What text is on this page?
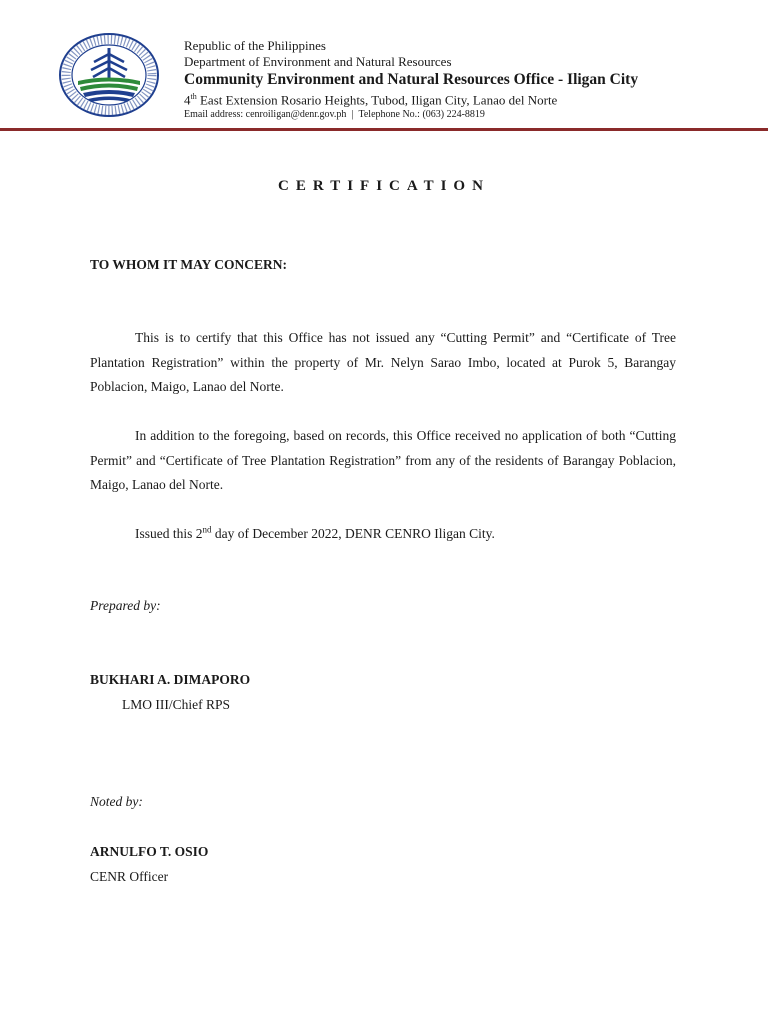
Republic of the Philippines
Department of Environment and Natural Resources
Community Environment and Natural Resources Office - Iligan City
4th East Extension Rosario Heights, Tubod, Iligan City, Lanao del Norte
Email address: cenroiligan@denr.gov.ph | Telephone No.: (063) 224-8819
CERTIFICATION
TO WHOM IT MAY CONCERN:

This is to certify that this Office has not issued any “Cutting Permit” and “Certificate of Tree Plantation Registration” within the property of Mr. Nelyn Sarao Imbo, located at Purok 5, Barangay Poblacion, Maigo, Lanao del Norte.

In addition to the foregoing, based on records, this Office received no application of both “Cutting Permit” and “Certificate of Tree Plantation Registration” from any of the residents of Barangay Poblacion, Maigo, Lanao del Norte.

Issued this 2nd day of December 2022, DENR CENRO Iligan City.

Prepared by:
BUKHARI A. DIMAPORO
LMO III/Chief RPS
Noted by:
ARNULFO T. OSIO
CENR Officer
